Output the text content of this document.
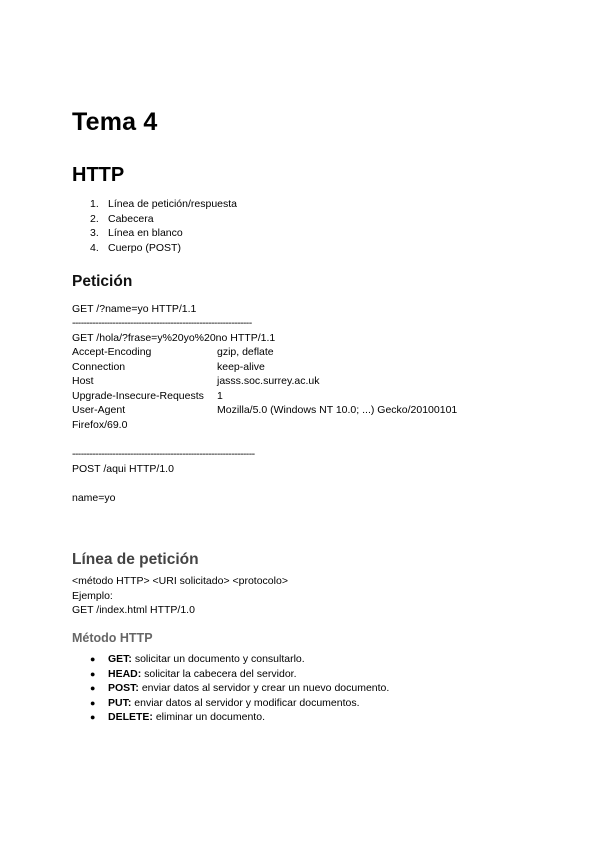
Tema 4
HTTP
1. Línea de petición/respuesta
2. Cabecera
3. Línea en blanco
4. Cuerpo (POST)
Petición
GET /?name=yo HTTP/1.1
--------------------------------------------------------------
GET /hola/?frase=y%20yo%20no HTTP/1.1
Accept-Encoding	gzip, deflate
Connection	keep-alive
Host	jasss.soc.surrey.ac.uk
Upgrade-Insecure-Requests 1
User-Agent	Mozilla/5.0 (Windows NT 10.0; ...) Gecko/20100101
Firefox/69.0
---------------------------------------------------------------
POST /aqui HTTP/1.0
name=yo
Línea de petición
<método HTTP> <URI solicitado> <protocolo>
Ejemplo:
GET /index.html HTTP/1.0
Método HTTP
● GET: solicitar un documento y consultarlo.
● HEAD: solicitar la cabecera del servidor.
● POST: enviar datos al servidor y crear un nuevo documento.
● PUT: enviar datos al servidor y modificar documentos.
● DELETE: eliminar un documento.
